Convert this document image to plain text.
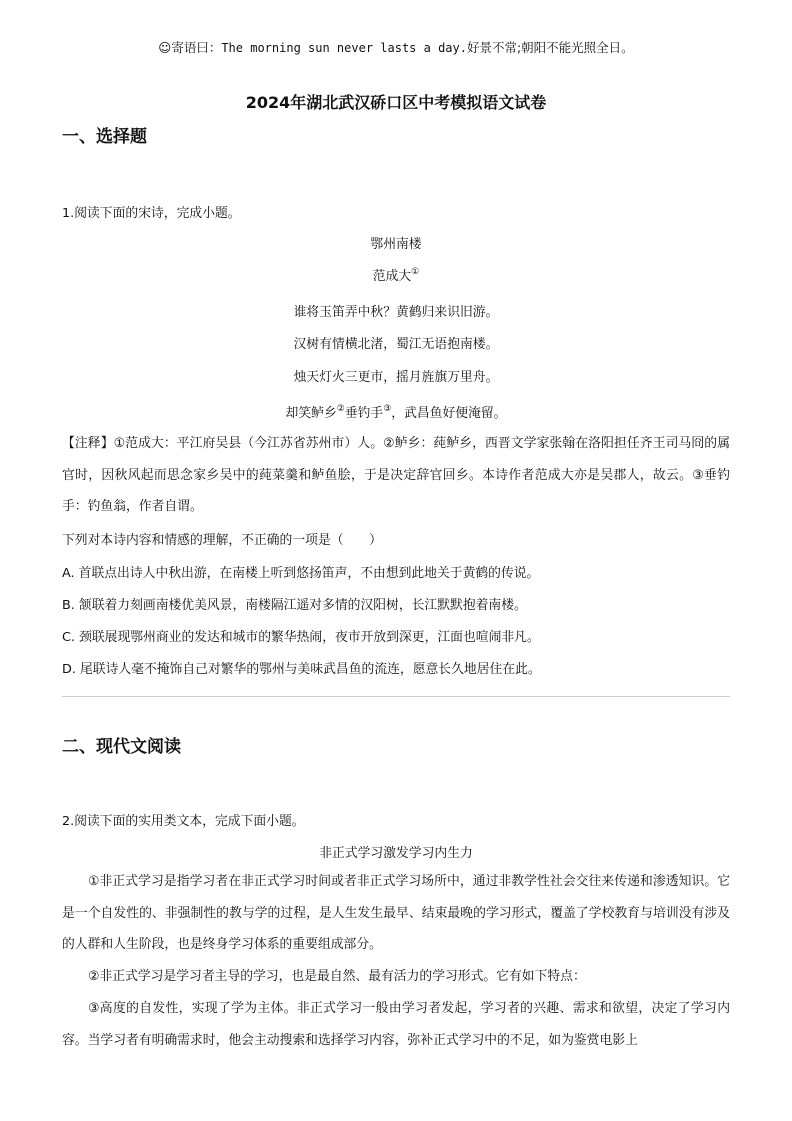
☺寄语曰：The morning sun never lasts a day.好景不常;朝阳不能光照全日。
2024年湖北武汉硚口区中考模拟语文试卷
一、选择题
1.阅读下面的宋诗，完成小题。
鄂州南楼
范成大①
谁将玉笛弄中秋？黄鹤归来识旧游。
汉树有情横北渚，蜀江无语抱南楼。
烛天灯火三更市，摇月旌旗万里舟。
却笑鲈乡②垂钓手③，武昌鱼好便淹留。
【注释】①范成大：平江府吴县（今江苏省苏州市）人。②鲈乡：莼鲈乡，西晋文学家张翰在洛阳担任齐王司马冏的属官时，因秋风起而思念家乡吴中的莼菜羹和鲈鱼脍，于是决定辞官回乡。本诗作者范成大亦是吴郡人，故云。③垂钓手：钓鱼翁，作者自谓。
下列对本诗内容和情感的理解，不正确的一项是（　　）
A. 首联点出诗人中秋出游，在南楼上听到悠扬笛声，不由想到此地关于黄鹤的传说。
B. 颔联着力刻画南楼优美风景，南楼隔江遥对多情的汉阳树，长江默默抱着南楼。
C. 颈联展现鄂州商业的发达和城市的繁华热闹，夜市开放到深更，江面也喧闹非凡。
D. 尾联诗人毫不掩饰自己对繁华的鄂州与美味武昌鱼的流连，愿意长久地居住在此。
二、现代文阅读
2.阅读下面的实用类文本，完成下面小题。
非正式学习激发学习内生力
①非正式学习是指学习者在非正式学习时间或者非正式学习场所中，通过非教学性社会交往来传递和渗透知识。它是一个自发性的、非强制性的教与学的过程，是人生发生最早、结束最晚的学习形式，覆盖了学校教育与培训没有涉及的人群和人生阶段，也是终身学习体系的重要组成部分。
②非正式学习是学习者主导的学习，也是最自然、最有活力的学习形式。它有如下特点：
③高度的自发性，实现了学为主体。非正式学习一般由学习者发起，学习者的兴趣、需求和欲望，决定了学习内容。当学习者有明确需求时，他会主动搜索和选择学习内容，弥补正式学习中的不足，如为鉴赏电影上
